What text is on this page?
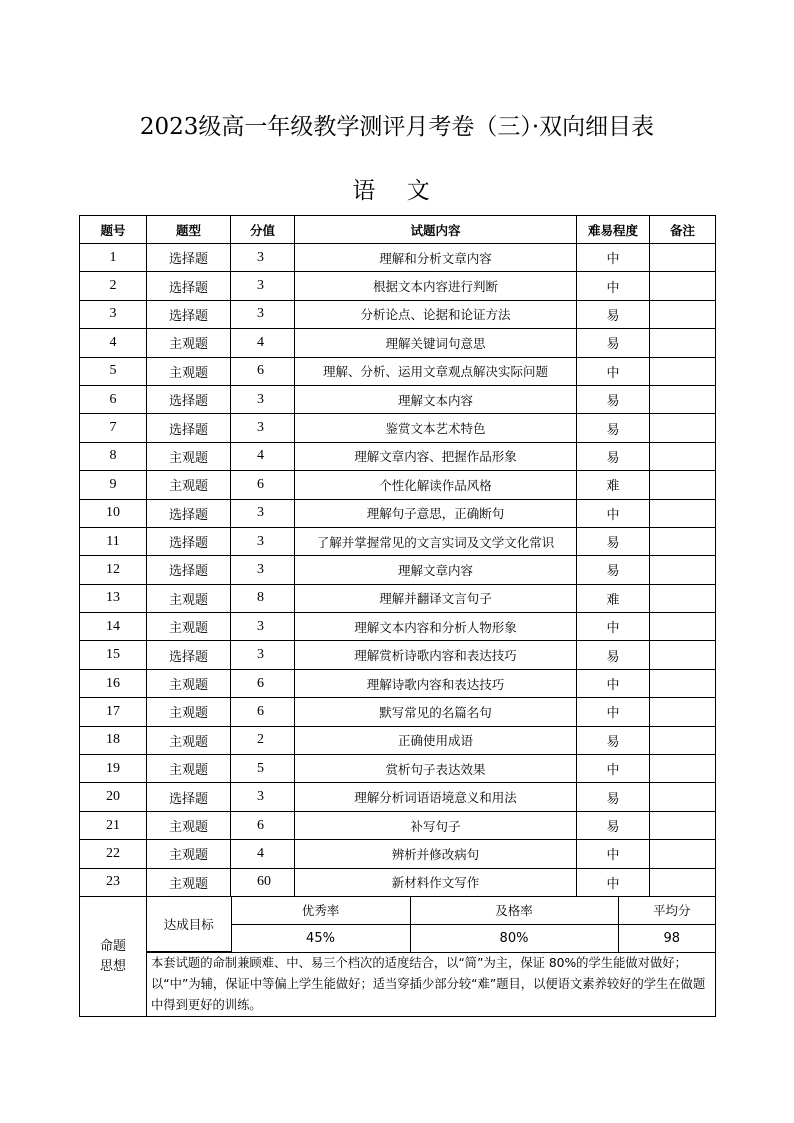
2023级高一年级教学测评月考卷（三）·双向细目表
语 文
题号	题型	分值	试题内容	难易程度	备注
1	选择题	3	理解和分析文章内容	中	
2	选择题	3	根据文本内容进行判断	中	
3	选择题	3	分析论点、论据和论证方法	易	
4	主观题	4	理解关键词句意思	易	
5	主观题	6	理解、分析、运用文章观点解决实际问题	中	
6	选择题	3	理解文本内容	易	
7	选择题	3	鉴赏文本艺术特色	易	
8	主观题	4	理解文章内容、把握作品形象	易	
9	主观题	6	个性化解读作品风格	难	
10	选择题	3	理解句子意思，正确断句	中	
11	选择题	3	了解并掌握常见的文言实词及文学文化常识	易	
12	选择题	3	理解文章内容	易	
13	主观题	8	理解并翻译文言句子	难	
14	主观题	3	理解文本内容和分析人物形象	中	
15	选择题	3	理解赏析诗歌内容和表达技巧	易	
16	主观题	6	理解诗歌内容和表达技巧	中	
17	主观题	6	默写常见的名篇名句	中	
18	主观题	2	正确使用成语	易	
19	主观题	5	赏析句子表达效果	中	
20	选择题	3	理解分析词语语境意义和用法	易	
21	主观题	6	补写句子	易	
22	主观题	4	辨析并修改病句	中	
23	主观题	60	新材料作文写作	中	
命题思想	
达成目标	优秀率	及格率	平均分
45%	80%	98

本套试题的命制兼顾难、中、易三个档次的适度结合，以“简”为主，保证 80%的学生能做对做好；以“中”为辅，保证中等偏上学生能做好；适当穿插少部分较“难”题目，以便语文素养较好的学生在做题中得到更好的训练。
